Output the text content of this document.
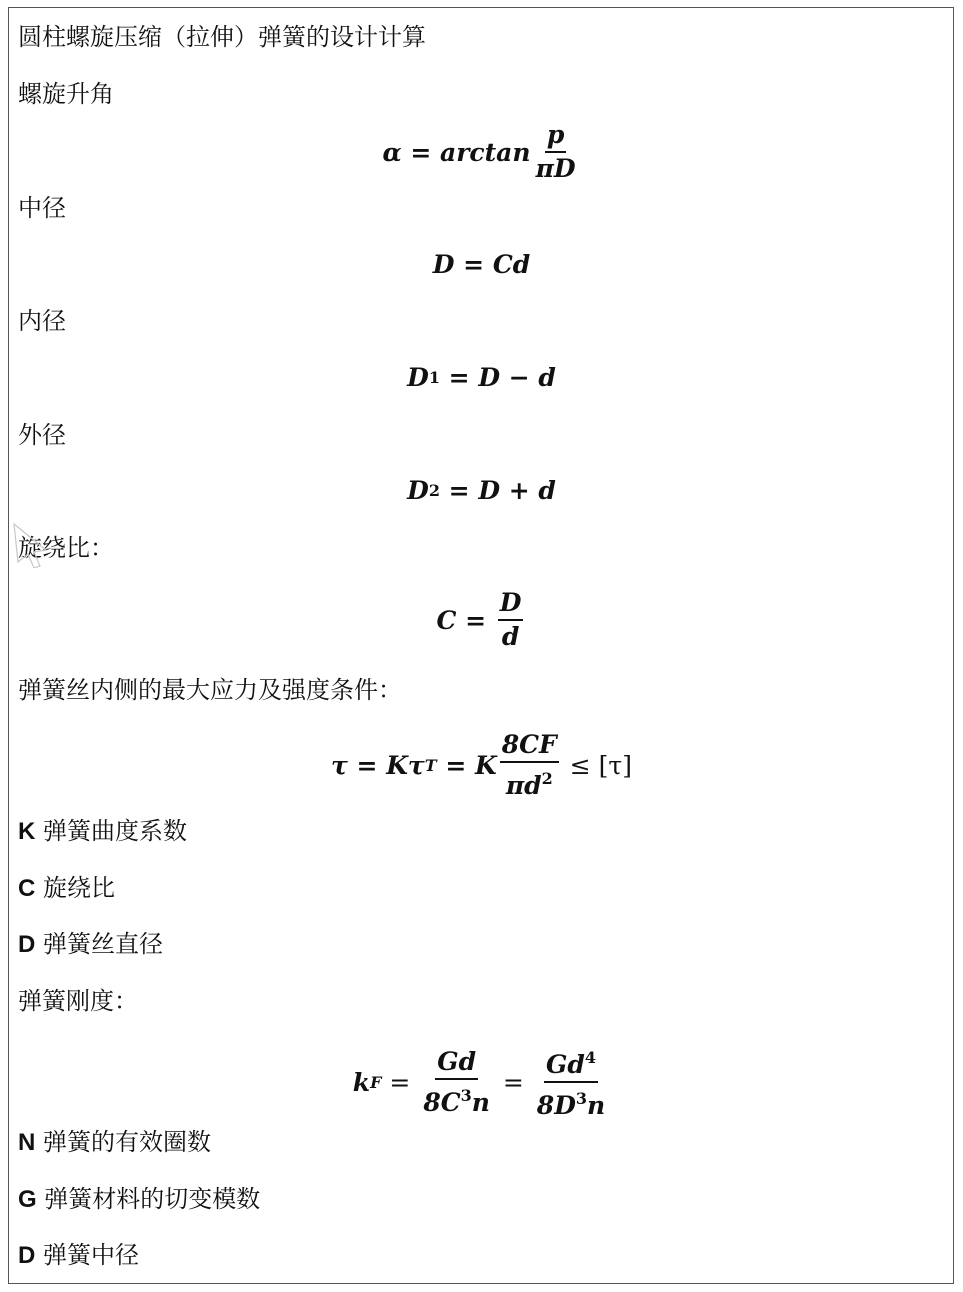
圆柱螺旋压缩（拉伸）弹簧的设计计算
螺旋升角
$\alpha = \arctan \frac{p}{\pi D}$
中径
D = Cd
内径
D 1 = D − d
外径
D 2 = D + d
旋绕比：
$C = \frac{D}{d}$
弹簧丝内侧的最大应力及强度条件：
τ = Kτ T = K $\frac{8CF}{\pi d^2} \le [\tau]$
K 弹簧曲度系数
C 旋绕比
D 弹簧丝直径
弹簧刚度：
k $F = \frac{Gd}{8C^3n} = \frac{Gd^4}{8D^3n}$
N 弹簧的有效圈数
G 弹簧材料的切变模数
D 弹簧中径
